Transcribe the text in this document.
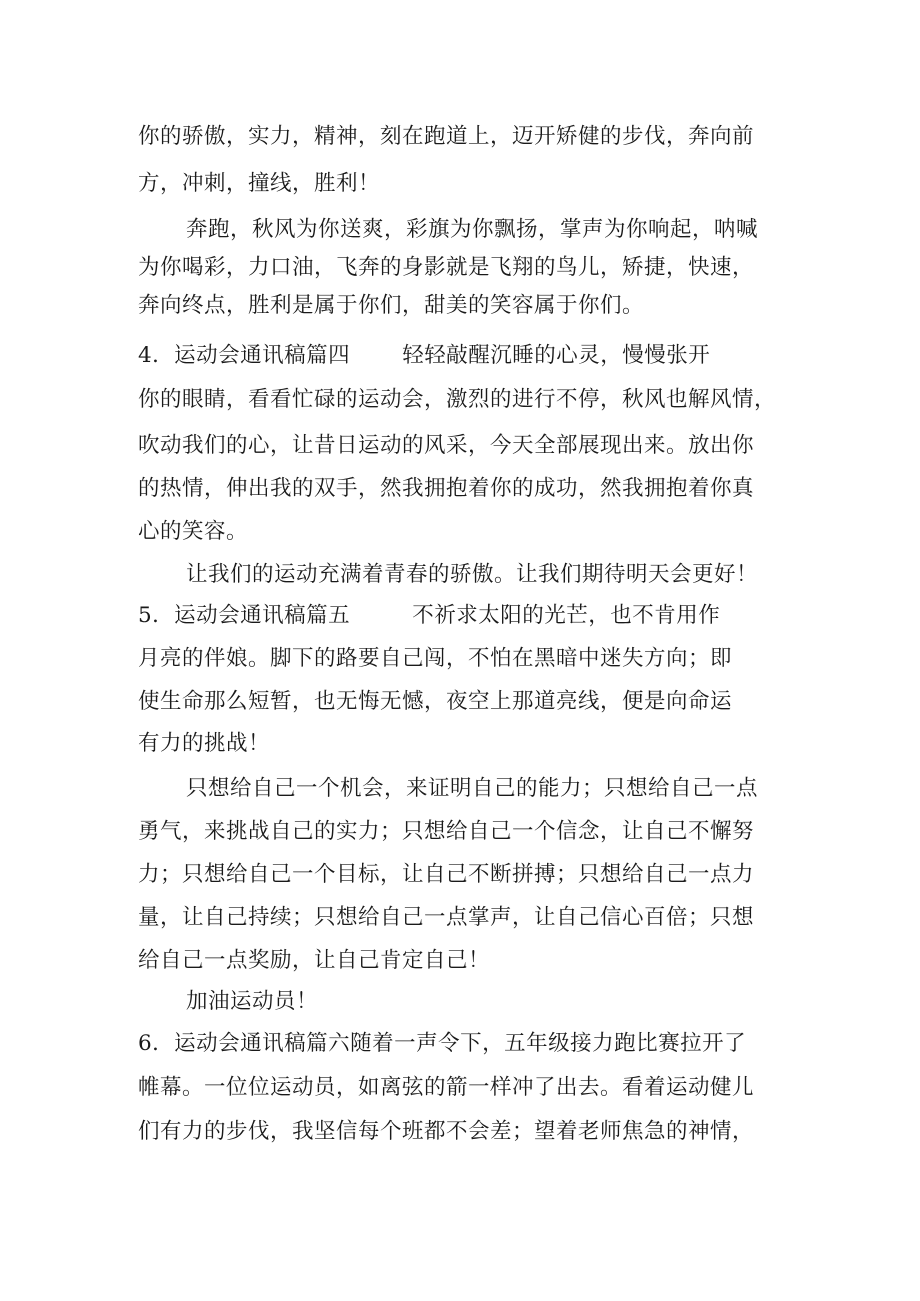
你的骄傲，实力，精神，刻在跑道上，迈开矫健的步伐，奔向前
方，冲刺，撞线，胜利！
奔跑，秋风为你送爽，彩旗为你飘扬，掌声为你响起，呐喊
为你喝彩，力口油，飞奔的身影就是飞翔的鸟儿，矫捷，快速，
奔向终点，胜利是属于你们，甜美的笑容属于你们。
4．运动会通讯稿篇四 轻轻敲醒沉睡的心灵，慢慢张开
你的眼睛，看看忙碌的运动会，激烈的进行不停，秋风也解风情，
吹动我们的心，让昔日运动的风采，今天全部展现出来。放出你
的热情，伸出我的双手，然我拥抱着你的成功，然我拥抱着你真
心的笑容。
让我们的运动充满着青春的骄傲。让我们期待明天会更好！
5．运动会通讯稿篇五	不祈求太阳的光芒，也不肯用作
月亮的伴娘。脚下的路要自己闯，不怕在黑暗中迷失方向；即
使生命那么短暂，也无悔无憾，夜空上那道亮线，便是向命运
有力的挑战！
只想给自己一个机会，来证明自己的能力；只想给自己一点
勇气，来挑战自己的实力；只想给自己一个信念，让自己不懈努
力；只想给自己一个目标，让自己不断拼搏；只想给自己一点力
量，让自己持续；只想给自己一点掌声，让自己信心百倍；只想
给自己一点奖励，让自己肯定自己！
加油运动员！
6．运动会通讯稿篇六随着一声令下，五年级接力跑比赛拉开了
帷幕。一位位运动员，如离弦的箭一样冲了出去。看着运动健儿
们有力的步伐，我坚信每个班都不会差；望着老师焦急的神情，
